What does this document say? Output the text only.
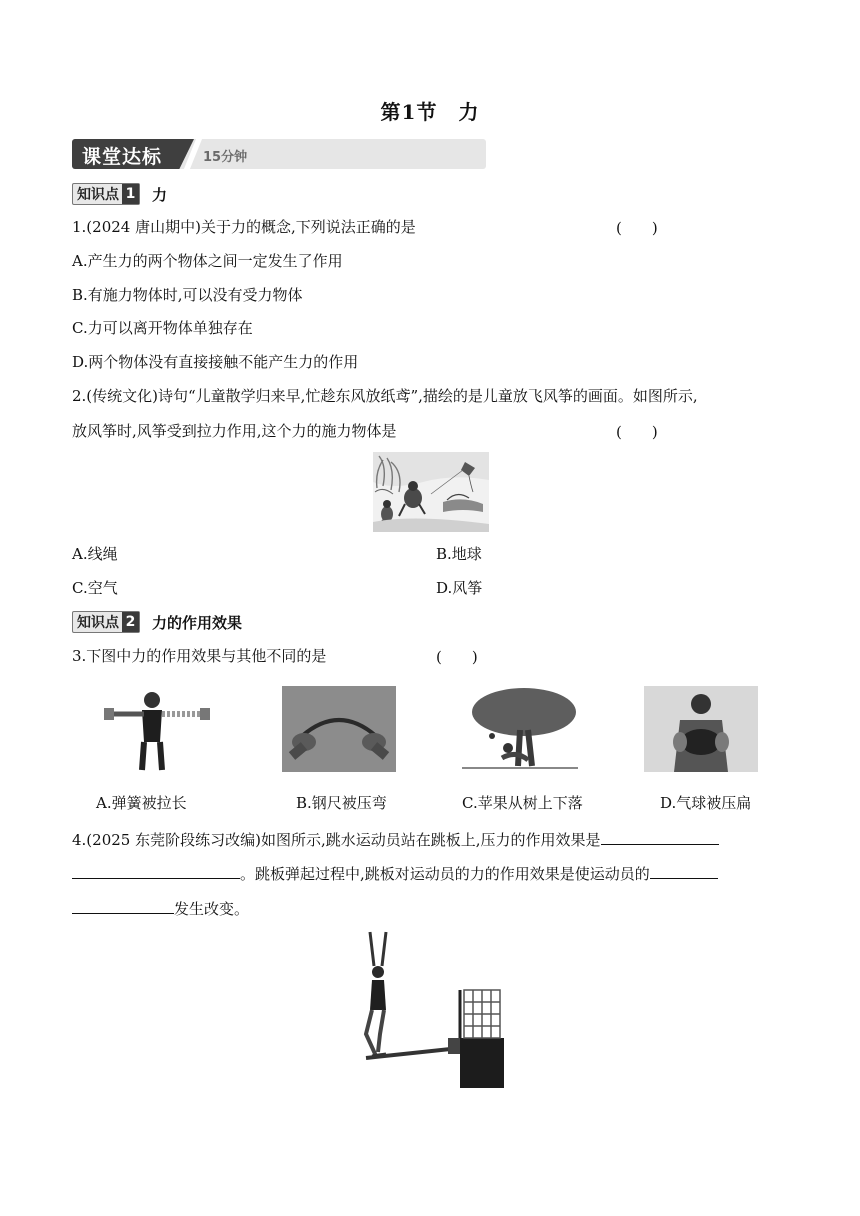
第1节　力
课堂达标	15分钟
知识点 1 力
1.(2024 唐山期中)关于力的概念,下列说法正确的是	(　　)
A.产生力的两个物体之间一定发生了作用
B.有施力物体时,可以没有受力物体
C.力可以离开物体单独存在
D.两个物体没有直接接触不能产生力的作用
2.(传统文化)诗句“儿童散学归来早,忙趁东风放纸鸢”,描绘的是儿童放飞风筝的画面。如图所示,
放风筝时,风筝受到拉力作用,这个力的施力物体是	(　　)
A.线绳	B.地球
C.空气	D.风筝
知识点 2 力的作用效果
3.下图中力的作用效果与其他不同的是	(　　)
A.弹簧被拉长	B.钢尺被压弯	C.苹果从树上下落	D.气球被压扁
4.(2025 东莞阶段练习改编)如图所示,跳水运动员站在跳板上,压力的作用效果是
。跳板弹起过程中,跳板对运动员的力的作用效果是使运动员的
发生改变。
